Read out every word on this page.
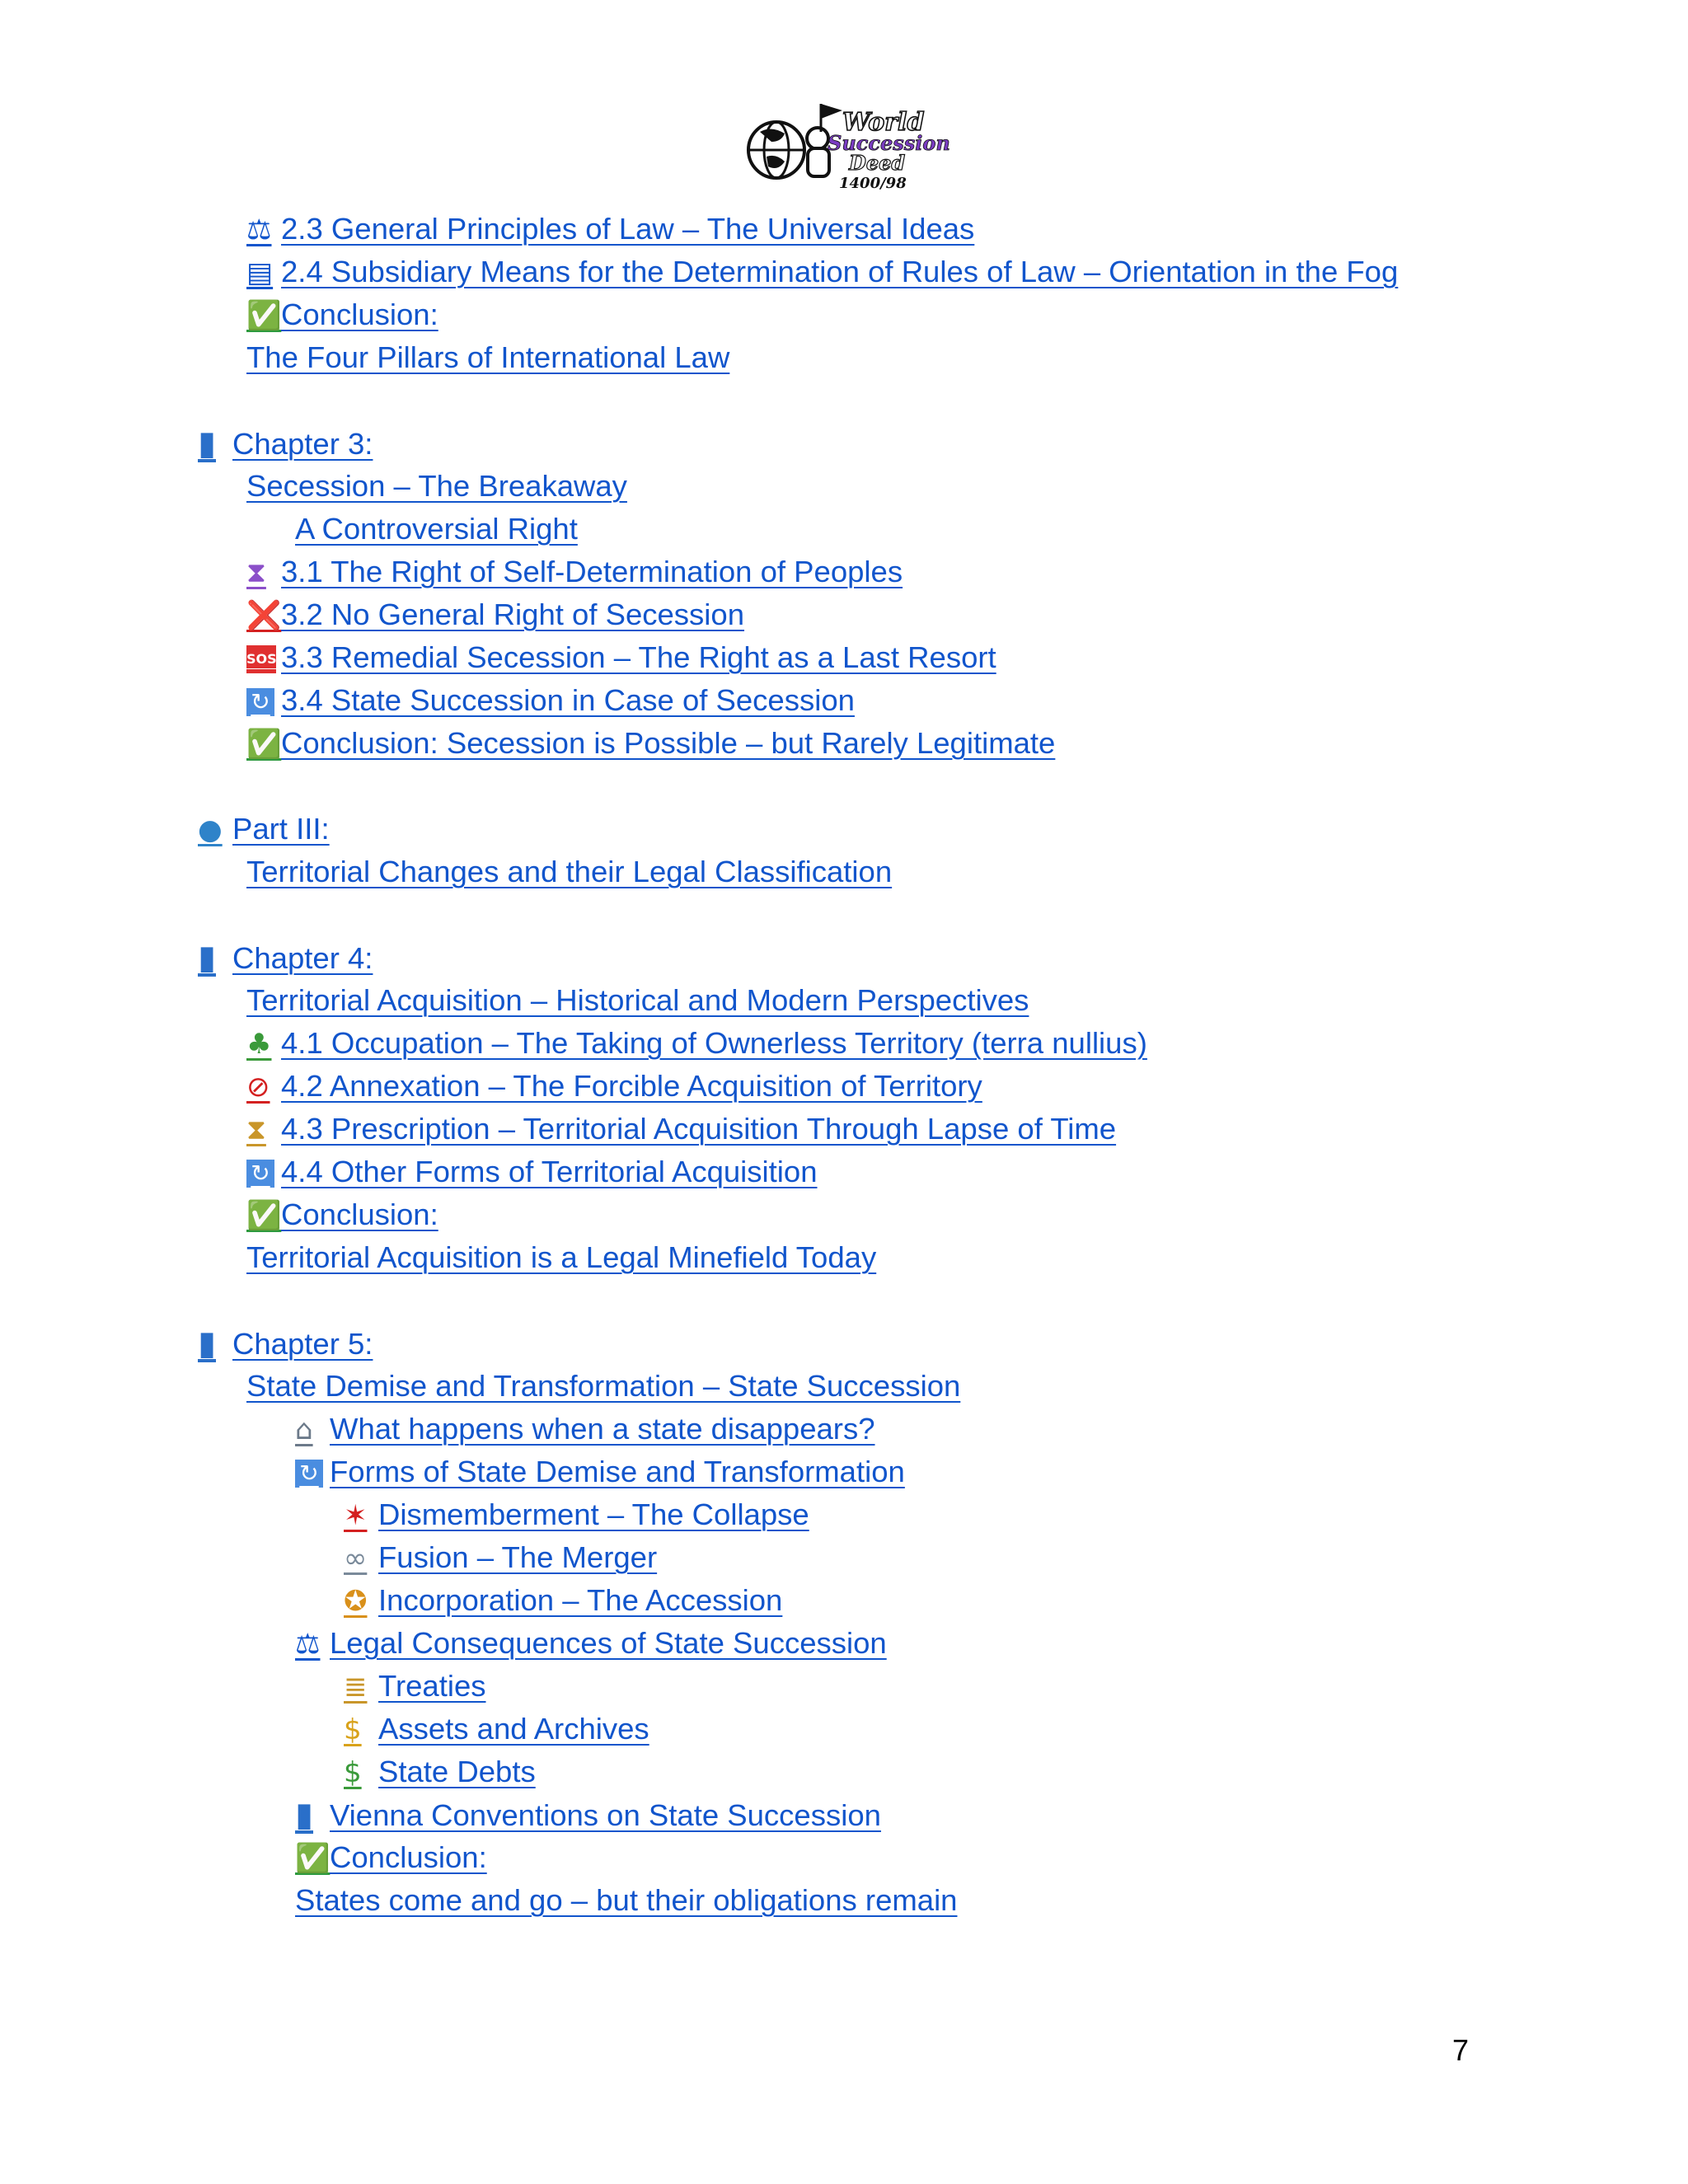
World
Succession
Deed
1400/98
⚖ 2.3 General Principles of Law – The Universal Ideas
▤ 2.4 Subsidiary Means for the Determination of Rules of Law – Orientation in the Fog
✅Conclusion:
The Four Pillars of International Law
▮ Chapter 3:
Secession – The Breakaway
A Controversial Right
⧗ 3.1 The Right of Self-Determination of Peoples
❌3.2 No General Right of Secession
SOS 3.3 Remedial Secession – The Right as a Last Resort
↻ 3.4 State Succession in Case of Secession
✅Conclusion: Secession is Possible – but Rarely Legitimate
● Part III:
Territorial Changes and their Legal Classification
▮ Chapter 4:
Territorial Acquisition – Historical and Modern Perspectives
♣ 4.1 Occupation – The Taking of Ownerless Territory (terra nullius)
⊘ 4.2 Annexation – The Forcible Acquisition of Territory
⧗ 4.3 Prescription – Territorial Acquisition Through Lapse of Time
↻ 4.4 Other Forms of Territorial Acquisition
✅Conclusion:
Territorial Acquisition is a Legal Minefield Today
▮ Chapter 5:
State Demise and Transformation – State Succession
⌂ What happens when a state disappears?
↻ Forms of State Demise and Transformation
✶ Dismemberment – The Collapse
∞ Fusion – The Merger
✪ Incorporation – The Accession
⚖ Legal Consequences of State Succession
≣ Treaties
$ Assets and Archives
$ State Debts
▮ Vienna Conventions on State Succession
✅Conclusion:
States come and go – but their obligations remain
7
